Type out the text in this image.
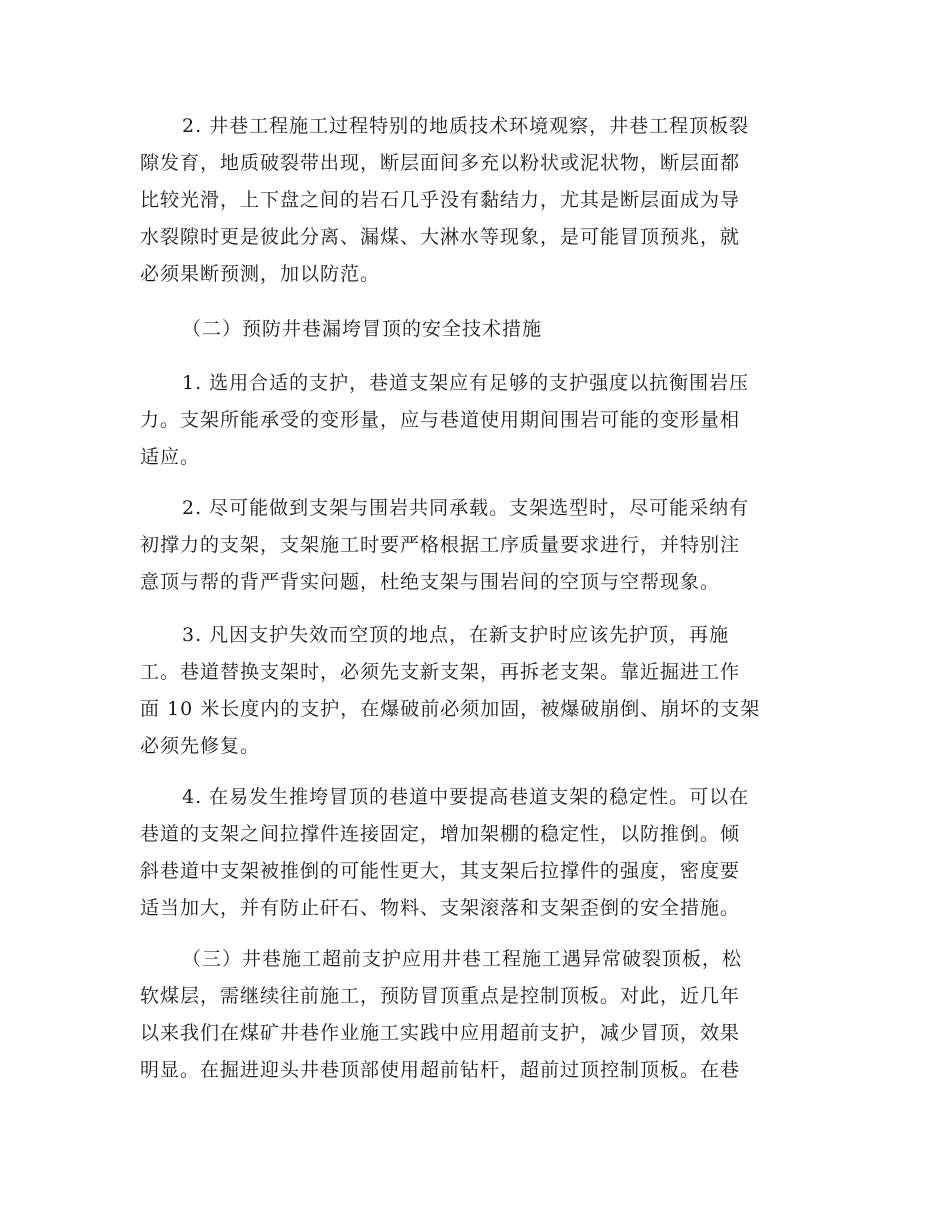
2. 井巷工程施工过程特别的地质技术环境观察，井巷工程顶板裂
隙发育，地质破裂带出现，断层面间多充以粉状或泥状物，断层面都
比较光滑，上下盘之间的岩石几乎没有黏结力，尤其是断层面成为导
水裂隙时更是彼此分离、漏煤、大淋水等现象，是可能冒顶预兆，就
必须果断预测，加以防范。
（二）预防井巷漏垮冒顶的安全技术措施
1. 选用合适的支护，巷道支架应有足够的支护强度以抗衡围岩压
力。支架所能承受的变形量，应与巷道使用期间围岩可能的变形量相
适应。
2. 尽可能做到支架与围岩共同承载。支架选型时，尽可能采纳有
初撑力的支架，支架施工时要严格根据工序质量要求进行，并特别注
意顶与帮的背严背实问题，杜绝支架与围岩间的空顶与空帮现象。
3. 凡因支护失效而空顶的地点，在新支护时应该先护顶，再施
工。巷道替换支架时，必须先支新支架，再拆老支架。靠近掘进工作
面 10 米长度内的支护，在爆破前必须加固，被爆破崩倒、崩坏的支架
必须先修复。
4. 在易发生推垮冒顶的巷道中要提高巷道支架的稳定性。可以在
巷道的支架之间拉撑件连接固定，增加架棚的稳定性，以防推倒。倾
斜巷道中支架被推倒的可能性更大，其支架后拉撑件的强度，密度要
适当加大，并有防止矸石、物料、支架滚落和支架歪倒的安全措施。
（三）井巷施工超前支护应用井巷工程施工遇异常破裂顶板，松
软煤层，需继续往前施工，预防冒顶重点是控制顶板。对此，近几年
以来我们在煤矿井巷作业施工实践中应用超前支护，减少冒顶，效果
明显。在掘进迎头井巷顶部使用超前钻杆，超前过顶控制顶板。在巷
